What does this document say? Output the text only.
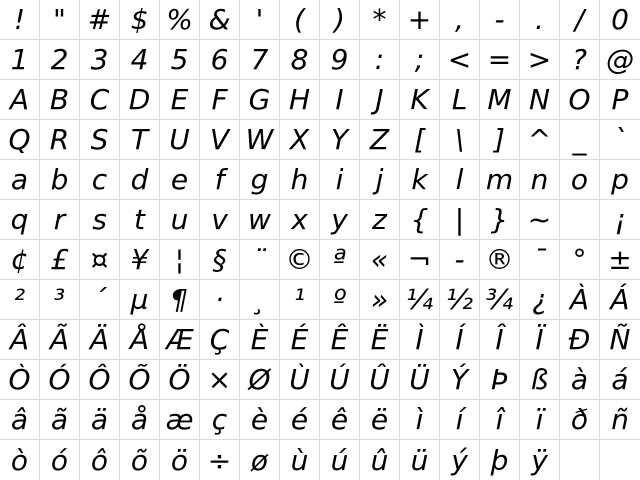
! " # $ % & '	(	) * + ,	-	.	/ 0
1 2 3 4 5 6 7 8 9 :	; < = > ? @
A B C D E F G H I	J K L M N O P
Q R S T U V W X Y Z [	\	] ^ _ `
a b c d e f g h i	j	k	l m n o p
q r s t u v w x y z { | } ~	¡
¢ £ ¤ ¥ ¦	§ ¨ © ª « ¬ - ® ¯ ° ±
²	³ ´ µ ¶ ·	¸ ¹ º » ¼ ½ ¾ ¿ À Á
Â Ã Ä Å Æ Ç È É Ê Ë Ì	Í	Î	Ï Ð Ñ
Ò Ó Ô Õ Ö × Ø Ù Ú Û Ü Ý Þ ß à á
â ã ä å æ ç è é ê ë ì	í	î	ï ð ñ
ò ó ô õ ö ÷ ø ù ú û ü ý þ ÿ
